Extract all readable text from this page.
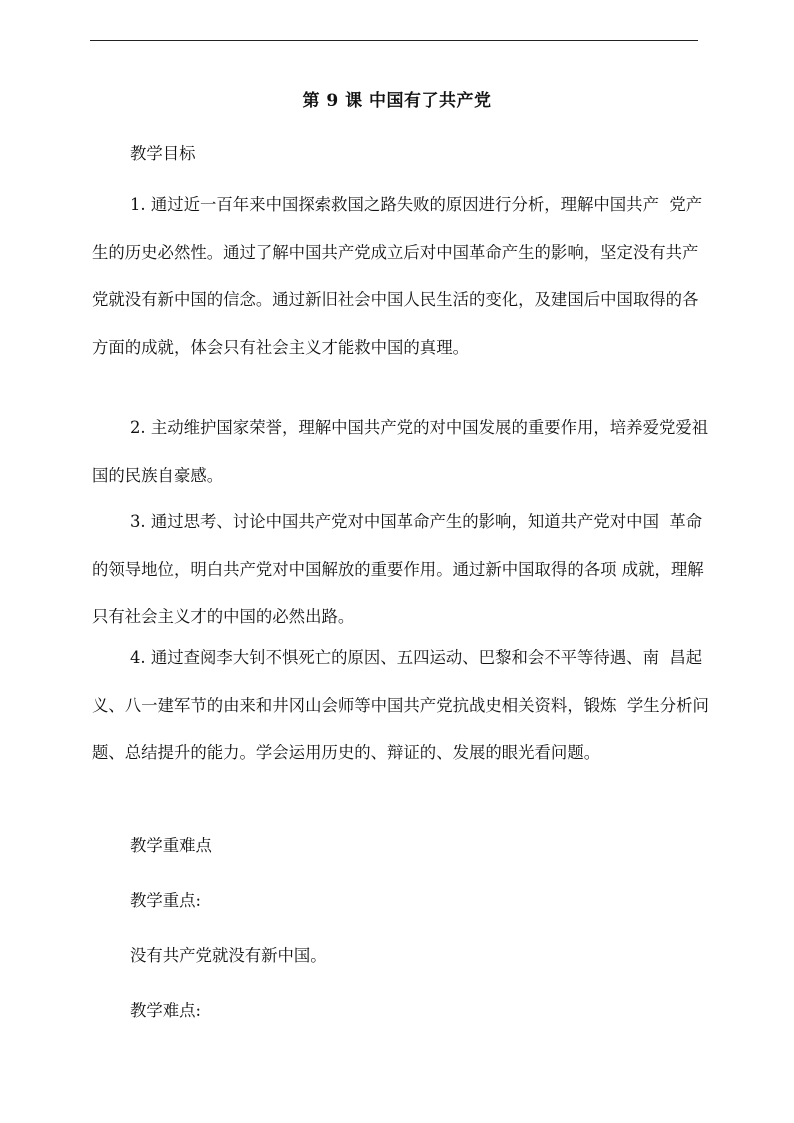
第 9 课 中国有了共产党
教学目标

1. 通过近一百年来中国探索救国之路失败的原因进行分析，理解中国共产  党产生的历史必然性。通过了解中国共产党成立后对中国革命产生的影响，坚定没有共产党就没有新中国的信念。通过新旧社会中国人民生活的变化，及建国后中国取得的各方面的成就，体会只有社会主义才能救中国的真理。

2. 主动维护国家荣誉，理解中国共产党的对中国发展的重要作用，培养爱党爱祖国的民族自豪感。

3. 通过思考、讨论中国共产党对中国革命产生的影响，知道共产党对中国  革命的领导地位，明白共产党对中国解放的重要作用。通过新中国取得的各项 成就，理解只有社会主义才的中国的必然出路。

4. 通过查阅李大钊不惧死亡的原因、五四运动、巴黎和会不平等待遇、南  昌起义、八一建军节的由来和井冈山会师等中国共产党抗战史相关资料，锻炼  学生分析问题、总结提升的能力。学会运用历史的、辩证的、发展的眼光看问题。

教学重难点
教学重点:
没有共产党就没有新中国。
教学难点:
